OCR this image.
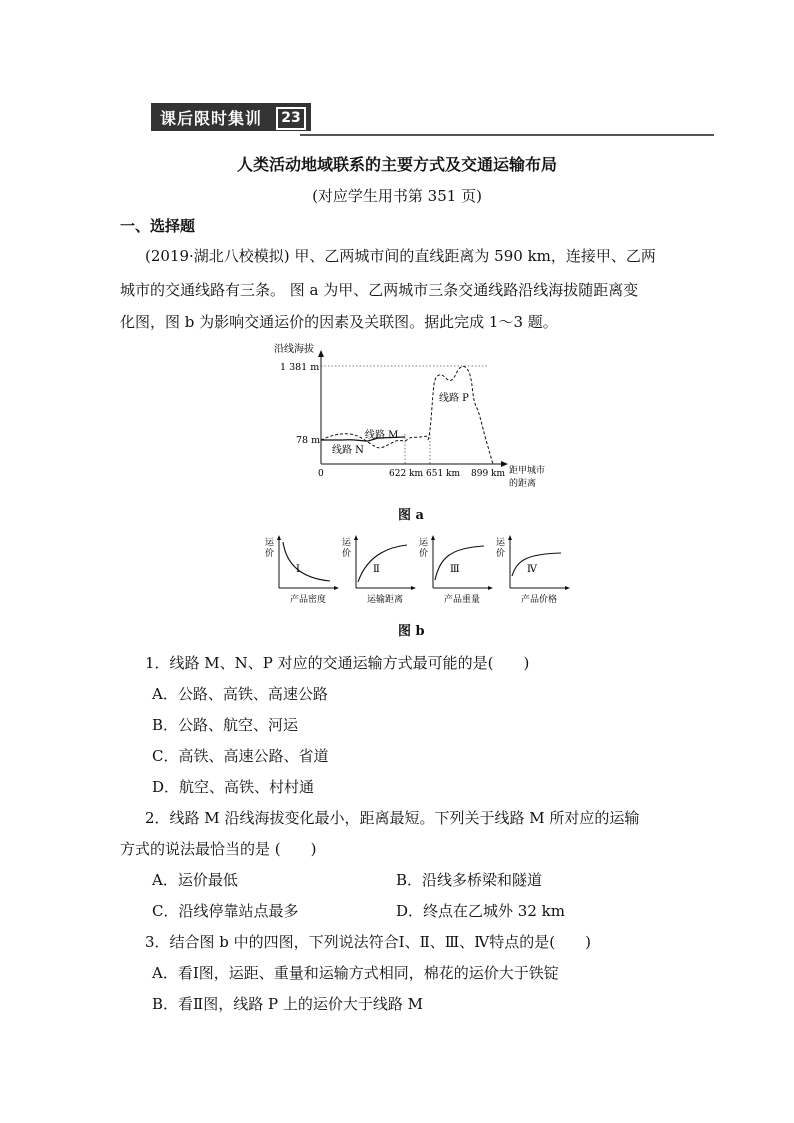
课后限时集训	23
人类活动地域联系的主要方式及交通运输布局
(对应学生用书第 351 页)
一、选择题
(2019·湖北八校模拟) 甲、乙两城市间的直线距离为 590 km，连接甲、乙两
城市的交通线路有三条。 图 a 为甲、乙两城市三条交通线路沿线海拔随距离变
化图，图 b 为影响交通运价的因素及关联图。据此完成 1～3 题。
沿线海拔
1 381 m
78 m	线路 M
线路 N
线路 P
0	622 km 651 km 899 km 距甲城市
的距离
图 a
运
价
Ⅰ
产品密度
运
价
Ⅱ
运输距离
运
价
Ⅲ
产品重量
运
价
Ⅳ
产品价格
图 b
1．线路 M、N、P 对应的交通运输方式最可能的是(　　)
A．公路、高铁、高速公路
B．公路、航空、河运
C．高铁、高速公路、省道
D．航空、高铁、村村通
2．线路 M 沿线海拔变化最小，距离最短。下列关于线路 M 所对应的运输
方式的说法最恰当的是 (　　)
A．运价最低	B．沿线多桥梁和隧道
C．沿线停靠站点最多	D．终点在乙城外 32 km
3．结合图 b 中的四图，下列说法符合Ⅰ、Ⅱ、Ⅲ、Ⅳ特点的是(　　)
A．看Ⅰ图，运距、重量和运输方式相同，棉花的运价大于铁锭
B．看Ⅱ图，线路 P 上的运价大于线路 M
